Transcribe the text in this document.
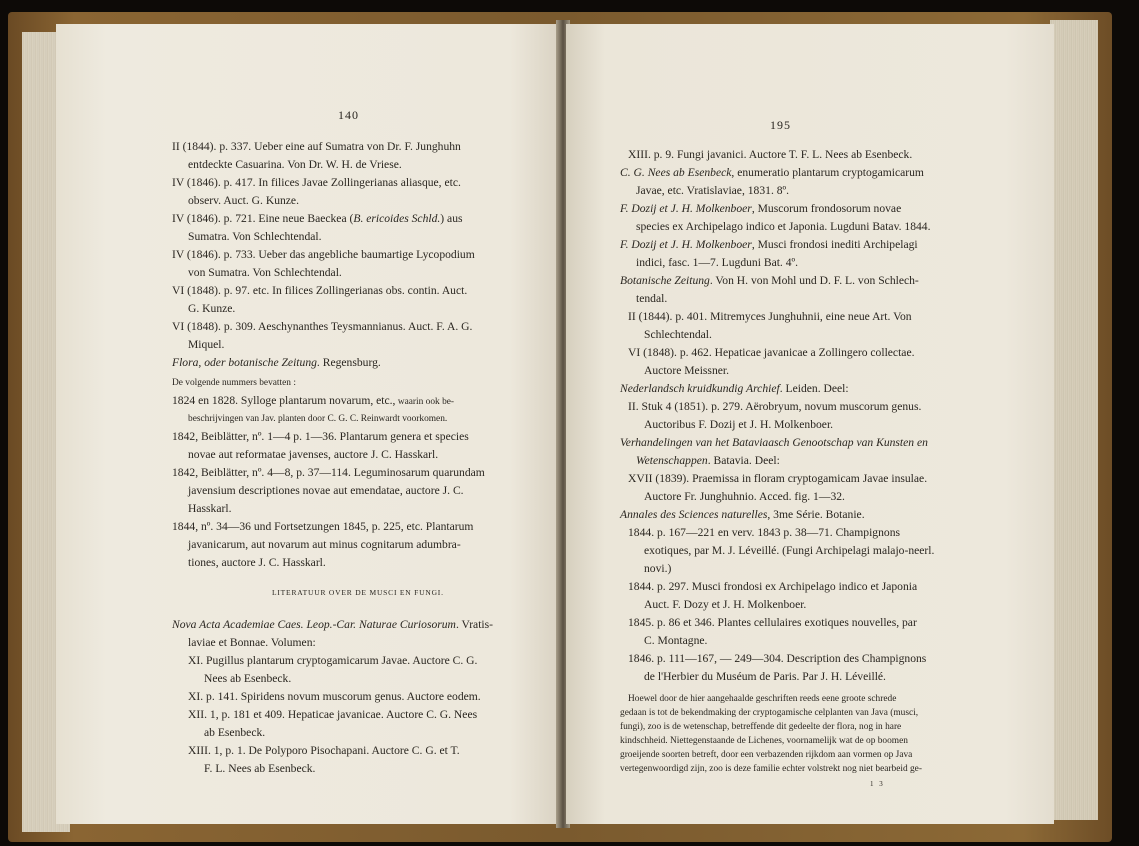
140
II (1844). p. 337. Ueber eine auf Sumatra von Dr. F. Junghuhn
entdeckte Casuarina. Von Dr. W. H. de Vriese.
IV (1846). p. 417. In filices Javae Zollingerianas aliasque, etc.
observ. Auct. G. Kunze.
IV (1846). p. 721. Eine neue Baeckea (B. ericoides Schld.) aus
Sumatra. Von Schlechtendal.
IV (1846). p. 733. Ueber das angebliche baumartige Lycopodium
von Sumatra. Von Schlechtendal.
VI (1848). p. 97. etc. In filices Zollingerianas obs. contin. Auct.
G. Kunze.
VI (1848). p. 309. Aeschynanthes Teysmannianus. Auct. F. A. G.
Miquel.
Flora, oder botanische Zeitung. Regensburg.
De volgende nummers bevatten :
1824 en 1828. Sylloge plantarum novarum, etc., waarin ook be-
beschrijvingen van Jav. planten door C. G. C. Reinwardt voorkomen.
1842, Beiblätter, nº. 1—4 p. 1—36. Plantarum genera et species
novae aut reformatae javenses, auctore J. C. Hasskarl.
1842, Beiblätter, nº. 4—8, p. 37—114. Leguminosarum quarundam
javensium descriptiones novae aut emendatae, auctore J. C.
Hasskarl.
1844, nº. 34—36 und Fortsetzungen 1845, p. 225, etc. Plantarum
javanicarum, aut novarum aut minus cognitarum adumbra-
tiones, auctore J. C. Hasskarl.
LITERATUUR OVER DE MUSCI EN FUNGI.
Nova Acta Academiae Caes. Leop.-Car. Naturae Curiosorum. Vratis-
laviae et Bonnae. Volumen:
XI. Pugillus plantarum cryptogamicarum Javae. Auctore C. G.
Nees ab Esenbeck.
XI. p. 141. Spiridens novum muscorum genus. Auctore eodem.
XII. 1, p. 181 et 409. Hepaticae javanicae. Auctore C. G. Nees
ab Esenbeck.
XIII. 1, p. 1. De Polyporo Pisochapani. Auctore C. G. et T.
F. L. Nees ab Esenbeck.
195
XIII. p. 9. Fungi javanici. Auctore T. F. L. Nees ab Esenbeck.
C. G. Nees ab Esenbeck, enumeratio plantarum cryptogamicarum
Javae, etc. Vratislaviae, 1831. 8º.
F. Dozij et J. H. Molkenboer, Muscorum frondosorum novae
species ex Archipelago indico et Japonia. Lugduni Batav. 1844.
F. Dozij et J. H. Molkenboer, Musci frondosi inediti Archipelagi
indici, fasc. 1—7. Lugduni Bat. 4º.
Botanische Zeitung. Von H. von Mohl und D. F. L. von Schlech-
tendal.
II (1844). p. 401. Mitremyces Junghuhnii, eine neue Art. Von
Schlechtendal.
VI (1848). p. 462. Hepaticae javanicae a Zollingero collectae.
Auctore Meissner.
Nederlandsch kruidkundig Archief. Leiden. Deel:
II. Stuk 4 (1851). p. 279. Aërobryum, novum muscorum genus.
Auctoribus F. Dozij et J. H. Molkenboer.
Verhandelingen van het Bataviaasch Genootschap van Kunsten en
Wetenschappen. Batavia. Deel:
XVII (1839). Praemissa in floram cryptogamicam Javae insulae.
Auctore Fr. Junghuhnio. Acced. fig. 1—32.
Annales des Sciences naturelles, 3me Série. Botanie.
1844. p. 167—221 en verv. 1843 p. 38—71. Champignons
exotiques, par M. J. Léveillé. (Fungi Archipelagi malajo-neerl.
novi.)
1844. p. 297. Musci frondosi ex Archipelago indico et Japonia
Auct. F. Dozy et J. H. Molkenboer.
1845. p. 86 et 346. Plantes cellulaires exotiques nouvelles, par
C. Montagne.
1846. p. 111—167, — 249—304. Description des Champignons
de l'Herbier du Muséum de Paris. Par J. H. Léveillé.
Hoewel door de hier aangehaalde geschriften reeds eene groote schrede
gedaan is tot de bekendmaking der cryptogamische celplanten van Java (musci,
fungi), zoo is de wetenschap, betreffende dit gedeelte der flora, nog in hare
kindschheid. Niettegenstaande de Lichenes, voornamelijk wat de op boomen
groeijende soorten betreft, door een verbazenden rijkdom aan vormen op Java
vertegenwoordigd zijn, zoo is deze familie echter volstrekt nog niet bearbeid ge-
1 3
